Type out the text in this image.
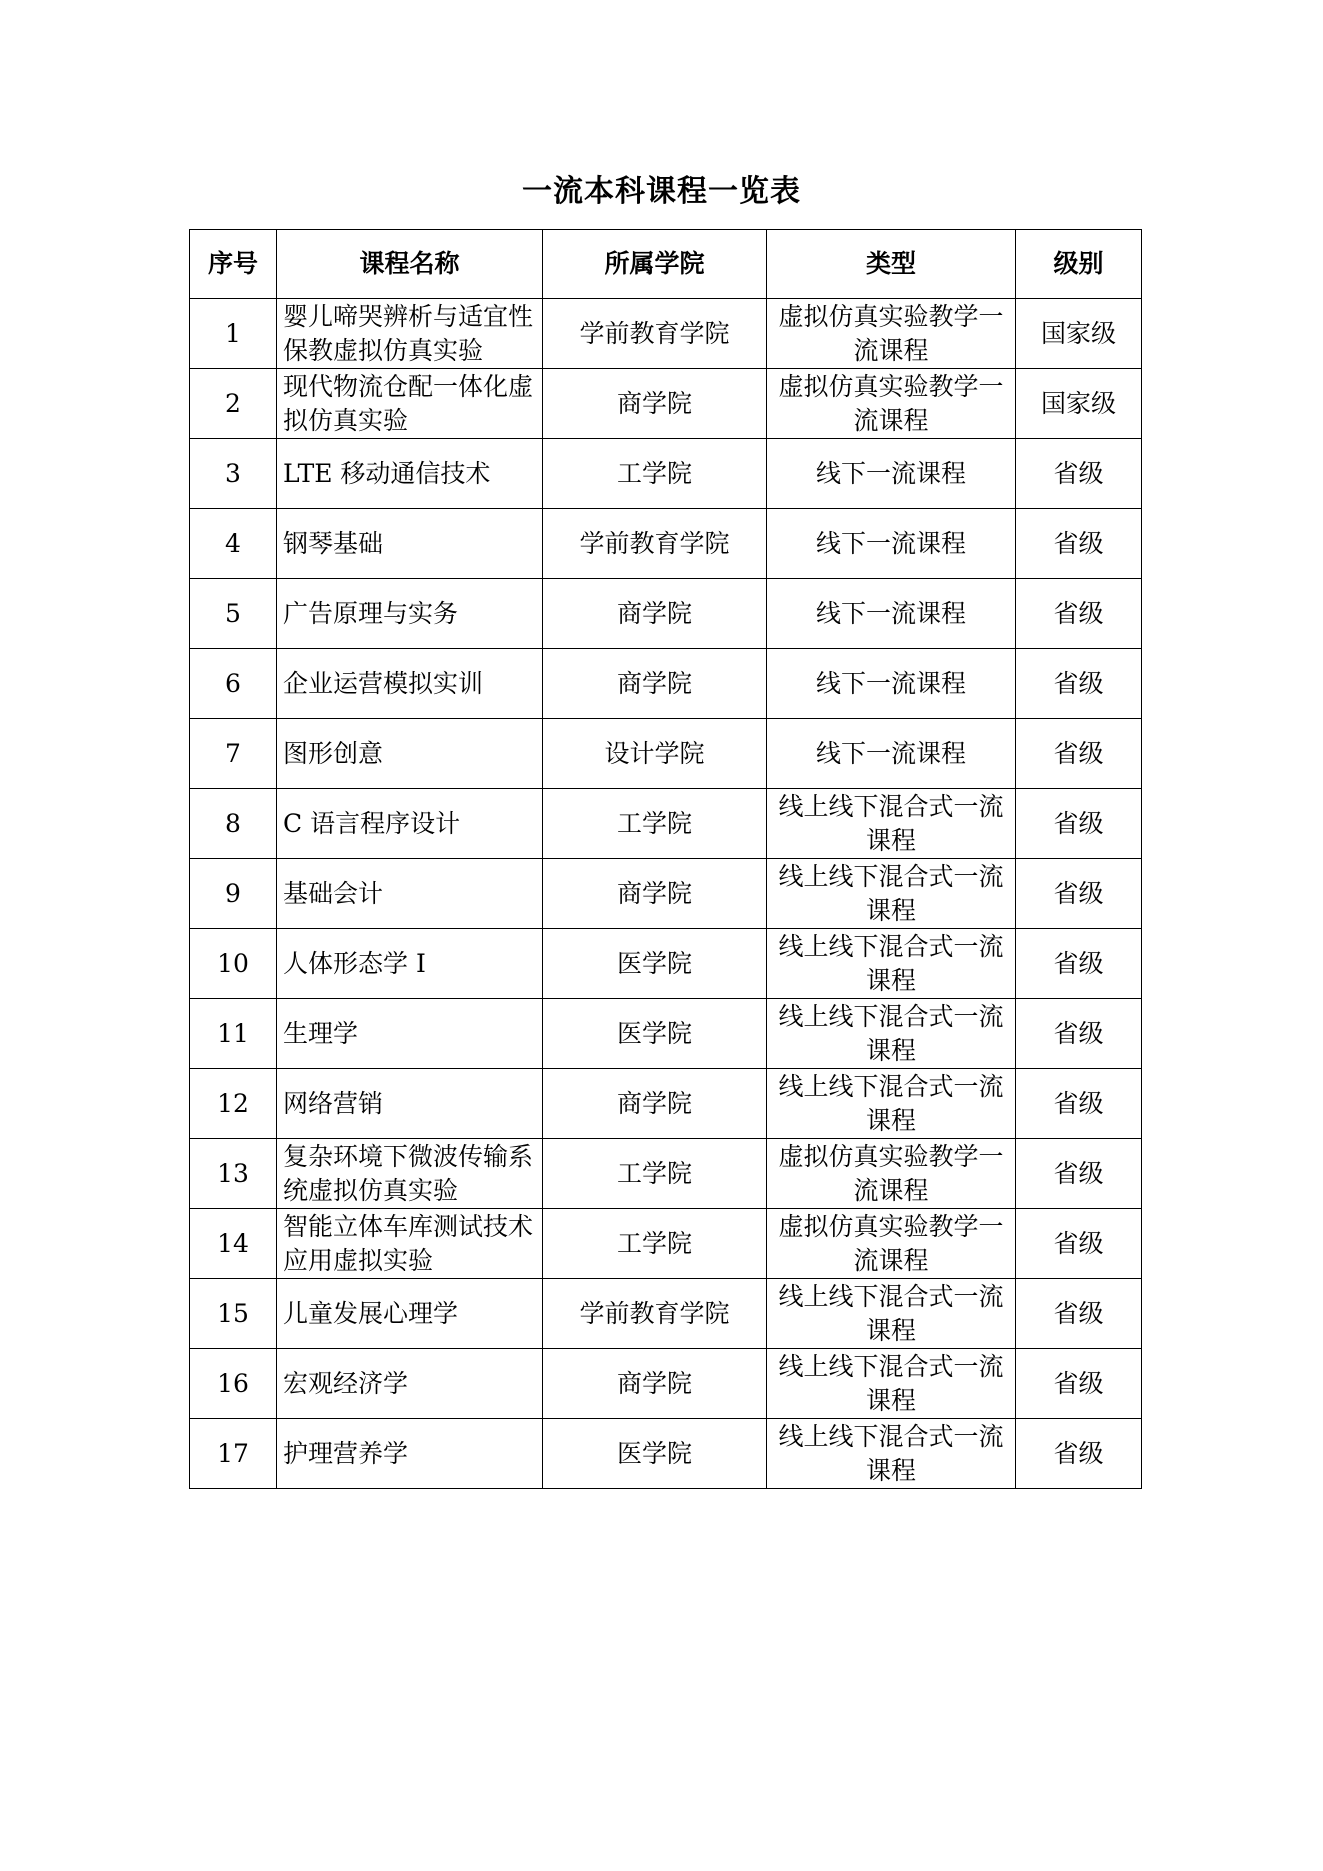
一流本科课程一览表
序号	课程名称	所属学院	类型	级别
1	婴儿啼哭辨析与适宜性保教虚拟仿真实验	学前教育学院	虚拟仿真实验教学一流课程	国家级
2	现代物流仓配一体化虚拟仿真实验	商学院	虚拟仿真实验教学一流课程	国家级
3	LTE 移动通信技术	工学院	线下一流课程	省级
4	钢琴基础	学前教育学院	线下一流课程	省级
5	广告原理与实务	商学院	线下一流课程	省级
6	企业运营模拟实训	商学院	线下一流课程	省级
7	图形创意	设计学院	线下一流课程	省级
8	C 语言程序设计	工学院	线上线下混合式一流课程	省级
9	基础会计	商学院	线上线下混合式一流课程	省级
10	人体形态学 I	医学院	线上线下混合式一流课程	省级
11	生理学	医学院	线上线下混合式一流课程	省级
12	网络营销	商学院	线上线下混合式一流课程	省级
13	复杂环境下微波传输系统虚拟仿真实验	工学院	虚拟仿真实验教学一流课程	省级
14	智能立体车库测试技术应用虚拟实验	工学院	虚拟仿真实验教学一流课程	省级
15	儿童发展心理学	学前教育学院	线上线下混合式一流课程	省级
16	宏观经济学	商学院	线上线下混合式一流课程	省级
17	护理营养学	医学院	线上线下混合式一流课程	省级
